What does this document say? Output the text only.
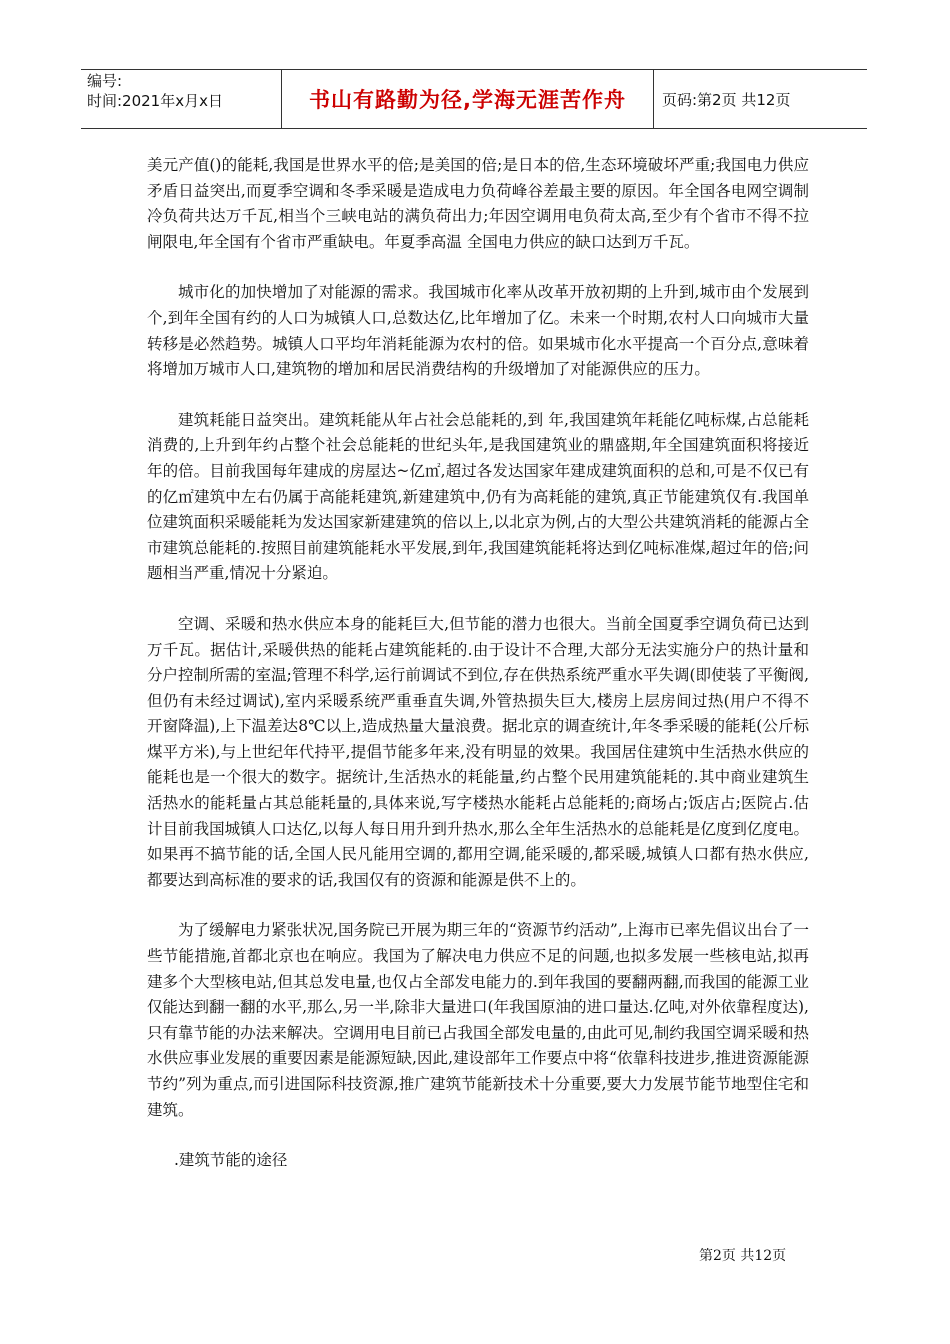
编号:
时间:2021年x月x日	书山有路勤为径,学海无涯苦作舟 页码:第2页 共12页

美元产值()的能耗,我国是世界水平的倍;是美国的倍;是日本的倍,生态环境破坏严重;我国电力供应矛盾日益突出,而夏季空调和冬季采暖是造成电力负荷峰谷差最主要的原因。年全国各电网空调制冷负荷共达万千瓦,相当个三峡电站的满负荷出力;年因空调用电负荷太高,至少有个省市不得不拉闸限电,年全国有个省市严重缺电。年夏季高温 全国电力供应的缺口达到万千瓦。

城市化的加快增加了对能源的需求。我国城市化率从改革开放初期的上升到,城市由个发展到个,到年全国有约的人口为城镇人口,总数达亿,比年增加了亿。未来一个时期,农村人口向城市大量转移是必然趋势。城镇人口平均年消耗能源为农村的倍。如果城市化水平提高一个百分点,意味着将增加万城市人口,建筑物的增加和居民消费结构的升级增加了对能源供应的压力。

建筑耗能日益突出。建筑耗能从年占社会总能耗的,到 年,我国建筑年耗能亿吨标煤,占总能耗消费的,上升到年约占整个社会总能耗的世纪头年,是我国建筑业的鼎盛期,年全国建筑面积将接近年的倍。目前我国每年建成的房屋达~亿㎡,超过各发达国家年建成建筑面积的总和,可是不仅已有的亿㎡建筑中左右仍属于高能耗建筑,新建建筑中,仍有为高耗能的建筑,真正节能建筑仅有.我国单位建筑面积采暖能耗为发达国家新建建筑的倍以上,以北京为例,占的大型公共建筑消耗的能源占全市建筑总能耗的.按照目前建筑能耗水平发展,到年,我国建筑能耗将达到亿吨标准煤,超过年的倍;问题相当严重,情况十分紧迫。

空调、采暖和热水供应本身的能耗巨大,但节能的潜力也很大。当前全国夏季空调负荷已达到万千瓦。据估计,采暖供热的能耗占建筑能耗的.由于设计不合理,大部分无法实施分户的热计量和分户控制所需的室温;管理不科学,运行前调试不到位,存在供热系统严重水平失调(即使装了平衡阀,但仍有未经过调试),室内采暖系统严重垂直失调,外管热损失巨大,楼房上层房间过热(用户不得不开窗降温),上下温差达8℃以上,造成热量大量浪费。据北京的调查统计,年冬季采暖的能耗(公斤标煤平方米),与上世纪年代持平,提倡节能多年来,没有明显的效果。我国居住建筑中生活热水供应的能耗也是一个很大的数字。据统计,生活热水的耗能量,约占整个民用建筑能耗的.其中商业建筑生活热水的能耗量占其总能耗量的,具体来说,写字楼热水能耗占总能耗的;商场占;饭店占;医院占.估计目前我国城镇人口达亿,以每人每日用升到升热水,那么全年生活热水的总能耗是亿度到亿度电。如果再不搞节能的话,全国人民凡能用空调的,都用空调,能采暖的,都采暖,城镇人口都有热水供应,都要达到高标准的要求的话,我国仅有的资源和能源是供不上的。

为了缓解电力紧张状况,国务院已开展为期三年的“资源节约活动”,上海市已率先倡议出台了一些节能措施,首都北京也在响应。我国为了解决电力供应不足的问题,也拟多发展一些核电站,拟再建多个大型核电站,但其总发电量,也仅占全部发电能力的.到年我国的要翻两翻,而我国的能源工业仅能达到翻一翻的水平,那么,另一半,除非大量进口(年我国原油的进口量达.亿吨,对外依靠程度达),只有靠节能的办法来解决。空调用电目前已占我国全部发电量的,由此可见,制约我国空调采暖和热水供应事业发展的重要因素是能源短缺,因此,建设部年工作要点中将“依靠科技进步,推进资源能源节约”列为重点,而引进国际科技资源,推广建筑节能新技术十分重要,要大力发展节能节地型住宅和建筑。

.建筑节能的途径

第2页 共12页
